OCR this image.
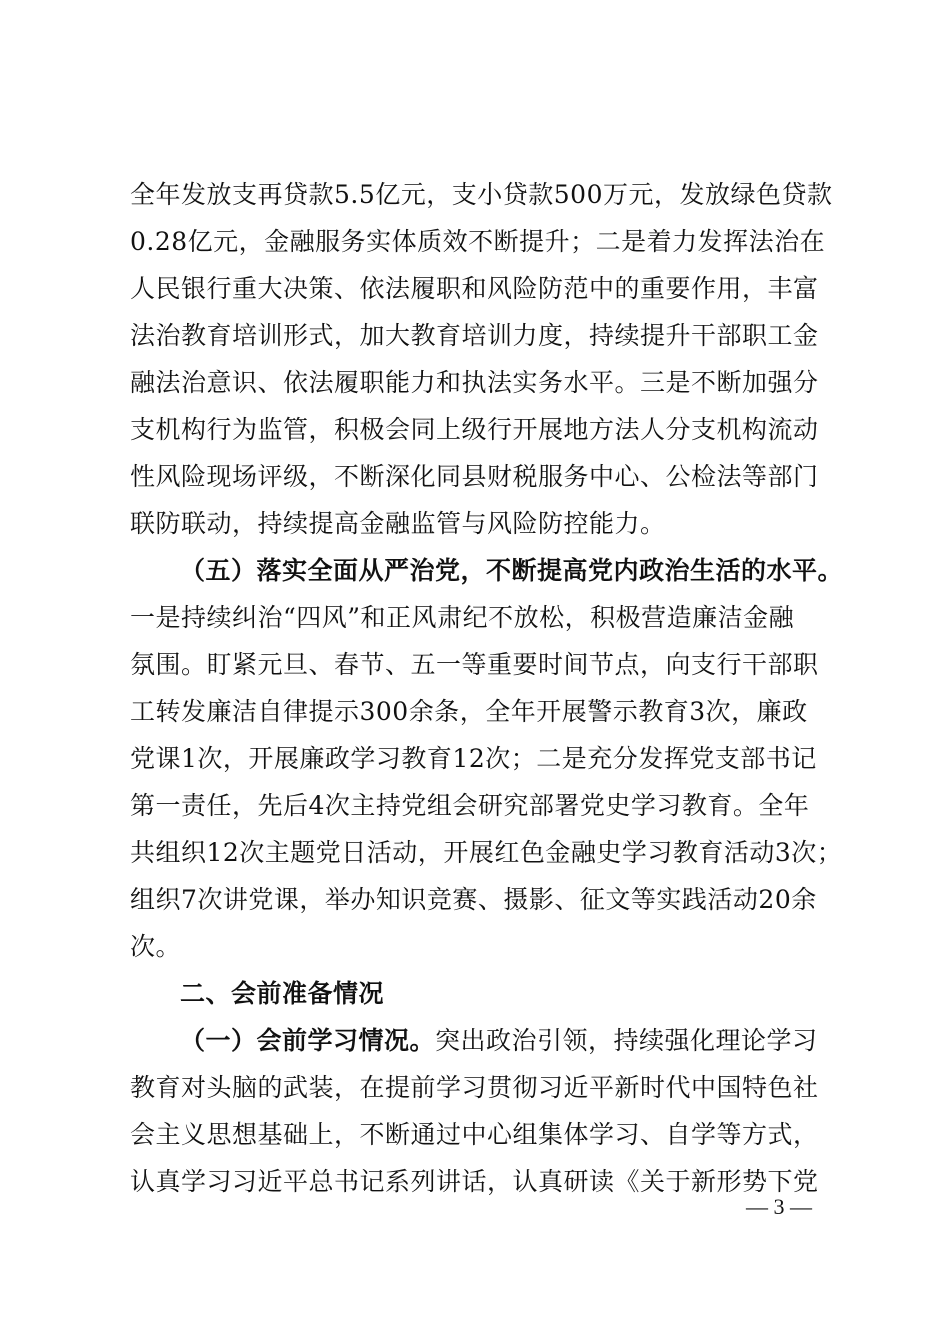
全年发放支再贷款5.5亿元，支小贷款500万元，发放绿色贷款
0.28亿元，金融服务实体质效不断提升；二是着力发挥法治在
人民银行重大决策、依法履职和风险防范中的重要作用，丰富
法治教育培训形式，加大教育培训力度，持续提升干部职工金
融法治意识、依法履职能力和执法实务水平。三是不断加强分
支机构行为监管，积极会同上级行开展地方法人分支机构流动
性风险现场评级，不断深化同县财税服务中心、公检法等部门
联防联动，持续提高金融监管与风险防控能力。
（五）落实全面从严治党，不断提高党内政治生活的水平。
一是持续纠治“四风”和正风肃纪不放松，积极营造廉洁金融
氛围。盯紧元旦、春节、五一等重要时间节点，向支行干部职
工转发廉洁自律提示300余条，全年开展警示教育3次，廉政
党课1次，开展廉政学习教育12次；二是充分发挥党支部书记
第一责任，先后4次主持党组会研究部署党史学习教育。全年
共组织12次主题党日活动，开展红色金融史学习教育活动3次；
组织7次讲党课，举办知识竞赛、摄影、征文等实践活动20余
次。
二、会前准备情况
（一）会前学习情况。突出政治引领，持续强化理论学习
教育对头脑的武装，在提前学习贯彻习近平新时代中国特色社
会主义思想基础上，不断通过中心组集体学习、自学等方式，
认真学习习近平总书记系列讲话，认真研读《关于新形势下党
— 3 —
